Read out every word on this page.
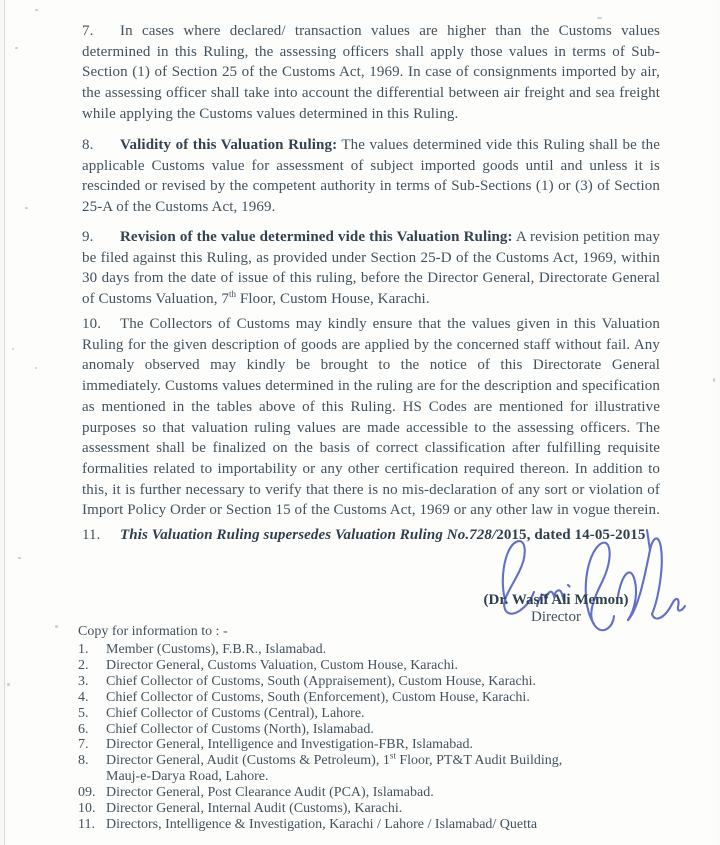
7. In cases where declared/ transaction values are higher than the Customs values determined in this Ruling, the assessing officers shall apply those values in terms of Sub-Section (1) of Section 25 of the Customs Act, 1969. In case of consignments imported by air, the assessing officer shall take into account the differential between air freight and sea freight while applying the Customs values determined in this Ruling.
8. Validity of this Valuation Ruling: The values determined vide this Ruling shall be the applicable Customs value for assessment of subject imported goods until and unless it is rescinded or revised by the competent authority in terms of Sub-Sections (1) or (3) of Section 25-A of the Customs Act, 1969.
9. Revision of the value determined vide this Valuation Ruling: A revision petition may be filed against this Ruling, as provided under Section 25-D of the Customs Act, 1969, within 30 days from the date of issue of this ruling, before the Director General, Directorate General of Customs Valuation, 7th Floor, Custom House, Karachi.
10. The Collectors of Customs may kindly ensure that the values given in this Valuation Ruling for the given description of goods are applied by the concerned staff without fail. Any anomaly observed may kindly be brought to the notice of this Directorate General immediately. Customs values determined in the ruling are for the description and specification as mentioned in the tables above of this Ruling. HS Codes are mentioned for illustrative purposes so that valuation ruling values are made accessible to the assessing officers. The assessment shall be finalized on the basis of correct classification after fulfilling requisite formalities related to importability or any other certification required thereon. In addition to this, it is further necessary to verify that there is no mis-declaration of any sort or violation of Import Policy Order or Section 15 of the Customs Act, 1969 or any other law in vogue therein.
11. This Valuation Ruling supersedes Valuation Ruling No.728/2015, dated 14-05-2015
(Dr. Wasif Ali Memon)
Director
Copy for information to : -
1. Member (Customs), F.B.R., Islamabad.
2. Director General, Customs Valuation, Custom House, Karachi.
3. Chief Collector of Customs, South (Appraisement), Custom House, Karachi.
4. Chief Collector of Customs, South (Enforcement), Custom House, Karachi.
5. Chief Collector of Customs (Central), Lahore.
6. Chief Collector of Customs (North), Islamabad.
7. Director General, Intelligence and Investigation-FBR, Islamabad.
8. Director General, Audit (Customs & Petroleum), 1st Floor, PT&T Audit Building,
Mauj-e-Darya Road, Lahore.
09. Director General, Post Clearance Audit (PCA), Islamabad.
10. Director General, Internal Audit (Customs), Karachi.
11. Directors, Intelligence & Investigation, Karachi / Lahore / Islamabad/ Quetta
